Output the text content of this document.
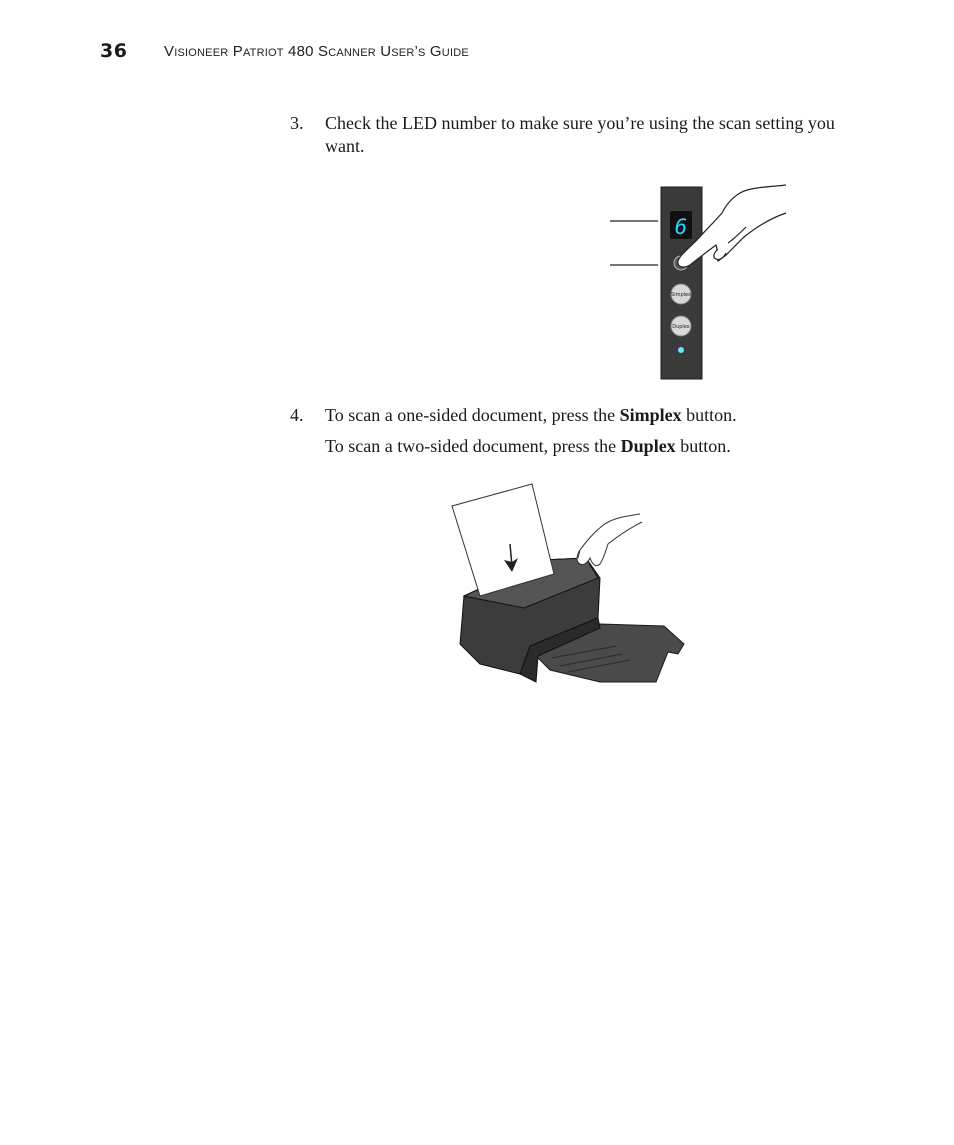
36 Visioneer Patriot 480 Scanner User’s Guide
3. Check the LED number to make sure you’re using the scan setting you want.

6
Simplex
Duplex
4. To scan a one-sided document, press the Simplex button.

To scan a two-sided document, press the Duplex button.
